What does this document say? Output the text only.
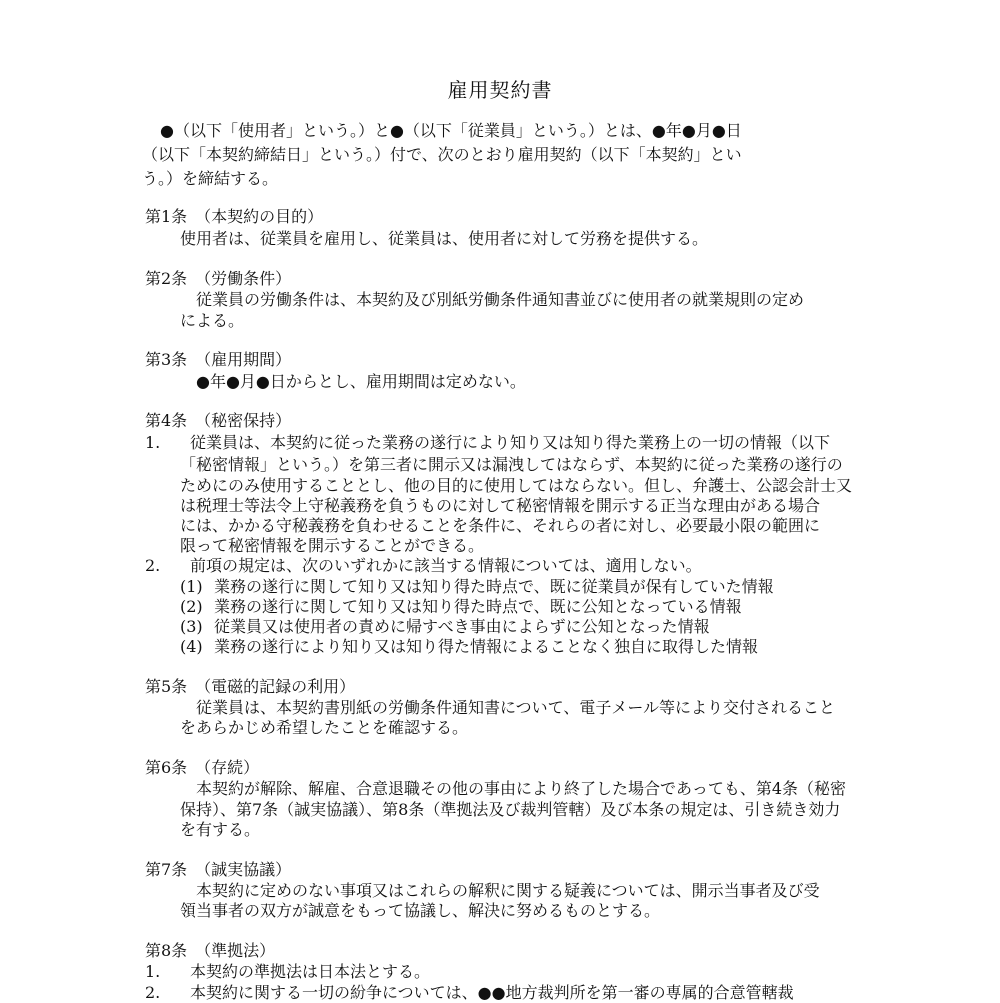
雇用契約書
●（以下「使用者」という。）と●（以下「従業員」という。）とは、●年●月●日
（以下「本契約締結日」という。）付で、次のとおり雇用契約（以下「本契約」とい
う。）を締結する。
第1条　（本契約の目的）
使用者は、従業員を雇用し、従業員は、使用者に対して労務を提供する。
第2条　（労働条件）
従業員の労働条件は、本契約及び別紙労働条件通知書並びに使用者の就業規則の定め
による。
第3条　（雇用期間）
●年●月●日からとし、雇用期間は定めない。
第4条　（秘密保持）
1. 従業員は、本契約に従った業務の遂行により知り又は知り得た業務上の一切の情報（以下
「秘密情報」という。）を第三者に開示又は漏洩してはならず、本契約に従った業務の遂行の
ためにのみ使用することとし、他の目的に使用してはならない。但し、弁護士、公認会計士又
は税理士等法令上守秘義務を負うものに対して秘密情報を開示する正当な理由がある場合
には、かかる守秘義務を負わせることを条件に、それらの者に対し、必要最小限の範囲に
限って秘密情報を開示することができる。
2. 前項の規定は、次のいずれかに該当する情報については、適用しない。
(1) 業務の遂行に関して知り又は知り得た時点で、既に従業員が保有していた情報
(2) 業務の遂行に関して知り又は知り得た時点で、既に公知となっている情報
(3) 従業員又は使用者の責めに帰すべき事由によらずに公知となった情報
(4) 業務の遂行により知り又は知り得た情報によることなく独自に取得した情報
第5条　（電磁的記録の利用）
従業員は、本契約書別紙の労働条件通知書について、電子メール等により交付されること
をあらかじめ希望したことを確認する。
第6条　（存続）
本契約が解除、解雇、合意退職その他の事由により終了した場合であっても、第4条（秘密
保持）、第7条（誠実協議）、第8条（準拠法及び裁判管轄）及び本条の規定は、引き続き効力
を有する。
第7条　（誠実協議）
本契約に定めのない事項又はこれらの解釈に関する疑義については、開示当事者及び受
領当事者の双方が誠意をもって協議し、解決に努めるものとする。
第8条　（準拠法）
1. 本契約の準拠法は日本法とする。
2. 本契約に関する一切の紛争については、●●地方裁判所を第一審の専属的合意管轄裁
